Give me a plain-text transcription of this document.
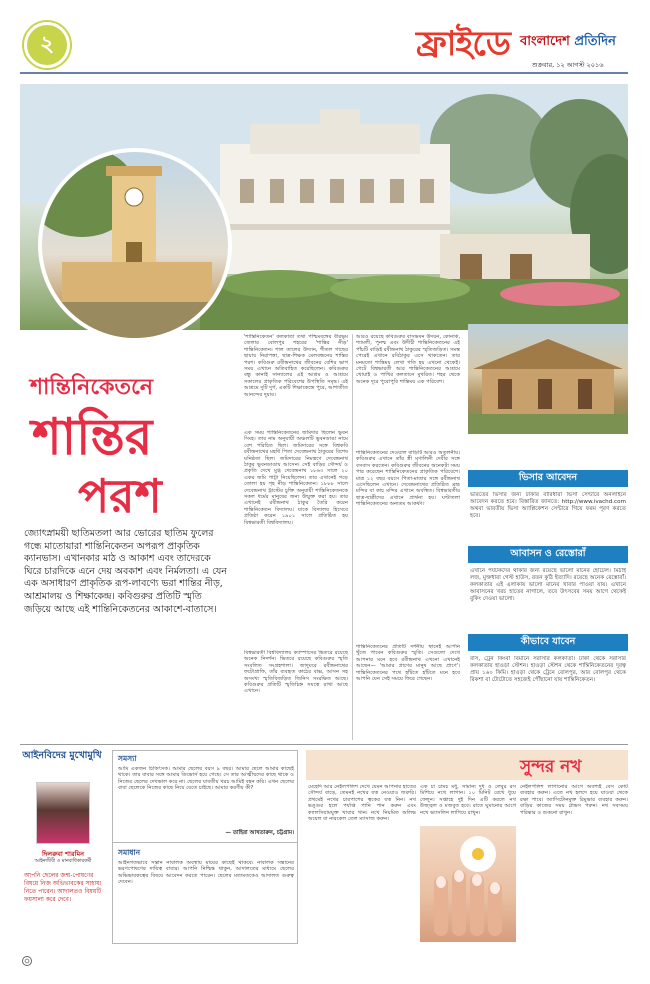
২	ফ্রাইডে বাংলাদেশ প্রতিদিন
শুক্রবার, ১২ আগস্ট ২০১৬
শান্তিনিকেতনে
শান্তির
পরশ
জ্যোৎস্নাময়ী ছাতিমতলা আর ভোরের ছাতিম ফুলের গন্ধে মাতোয়ারা শান্তিনিকেতন অপরূপ প্রাকৃতিক ক্যানভাস। এখানকার মাঠ ও আকাশ এবং তাদেরকে ঘিরে চারদিকে এনে দেয় অবকাশ এবং নির্মলতা। এ যেন এক অসাধারণ প্রাকৃতিক রূপ-লাবণ্যে ভরা শান্তির নীড়, আশ্রমালয় ও শিক্ষাকেন্দ্র। কবিগুরুর প্রতিটি স্মৃতি জড়িয়ে আছে এই শান্তিনিকেতনের আকাশে-বাতাসে।
'শান্তিনিকেতন' কলকাতা তথা পশ্চিমবঙ্গের বীরভূম জেলার বোলপুর শহরের 'শান্তির নীড়' শান্তিনিকেতন। শাল তালের উদ্যান, শীতল গাছের ছায়ায় নিরাপত্তা, ছাত্র-শিক্ষক মেলবন্ধনের শান্তির পরশ। কবিগুরু রবীন্দ্রনাথের জীবনের বেশির ভাগ সময় এখানে অতিবাহিত করেছিলেন। কবিগুরুর বন্ধু কানাই সান্যালের এই আশ্রম ও আশ্রমে সকালের প্রাকৃতিক পরিবেশের উপস্থিতি সমৃদ্ধ। এই আশ্রমে দুটি দুর্গ, একটি শিক্ষাকেন্দ্রে পুরে, আশাতীত আনন্দের দুয়ার।
এক সময় শান্তিনিকেতনের জমিদার ছিলেন ভুবন সিংহ। তার নাম অনুযায়ী অঞ্চলটি ভুবনডাঙা নামে বেশ পরিচিত ছিল। জমিদারের সঙ্গে বিশ্বকবি রবীন্দ্রনাথের মহর্ষি পিতা দেবেন্দ্রনাথ ঠাকুরের বিশেষ ঘনিষ্ঠতা ছিল। জমিদারের নিমন্ত্রণে দেবেন্দ্রনাথ ঠাকুর ভুবনডাঙায় আসেন। সেই বাড়ির সৌন্দর্য ও প্রকৃতি দেখে মুগ্ধ দেবেন্দ্রনাথ ১৮৬৩ সালে ২০ একর জমি পাট্টা নিয়েছিলেন। তার এখানেই গড়ে তোলা হয় গৃহ নীড় শান্তিনিকেতন। ১৮৮৮ সালে দেবেন্দ্রনাথ ট্রাস্টের চুক্তি অনুযায়ী শান্তিনিকেতনকে সকল ধর্মের মানুষের জন্য উন্মুক্ত করা হয়। তার এখানেই রবীন্দ্রনাথ ঠাকুর তৈরি করেন শান্তিনিকেতন বিদ্যালয়। যাকে বিদ্যালয় হিসেবে প্রতিষ্ঠা করেন ১৯০১ সালে প্রতিষ্ঠিত হয় বিশ্বভারতী বিশ্ববিদ্যালয়।
বিশ্বভারতী বিশ্ববিদ্যালয় ক্যাম্পাসের ভিতরে রয়েছে অনেক নিদর্শন। ভিতরে রয়েছে কবিগুরুর স্মৃতি সংবলিত সংগ্রহশালা। জাদুঘরে রবীন্দ্রনাথের ফটোগ্রাফি, তাঁর ব্যবহৃত কাঠের বাক্স, আসন সহ অসংখ্য স্মৃতিবিজড়িত জিনিস সংরক্ষিত আছে। কবিগুরুর প্রতিটি স্মৃতিচিহ্ন সযত্নে রাখা আছে এখানে।
আরও রয়েছে কবিগুরুর বাসভবন উদয়ন, কোনার্ক, শ্যামলী, পুনশ্চ এবং উদীচী শান্তিনিকেতনের এই পাঁচটি বাড়িই রবীন্দ্রনাথ ঠাকুরের স্মৃতিজড়িত। সমস্ত পেরেই এখানে রবিঠাকুর এসে থাকতেন। তার মনমতো শান্তিময় লেখা গতি হয় এখনো থেকেই। গেটে বিশ্বভারতী আর শান্তিনিকেতনের আশ্রমে খোয়াই ও পাখির কলতানে মুখরিত। শহর থেকে অনেক দূরে পুরোপুরি শান্তিময় এক পরিবেশ।
শান্তিনিকেতনের দেওয়াল বাড়িটি আরও অতুলনীয়। কবিগুরুর এখানে তাঁর স্ত্রী মৃণালিনী দেবীর সঙ্গে বসবাস করতেন। কবিগুরুর জীবনের অনেকটা সময় পার করেছেন শান্তিনিকেতনের প্রাকৃতিক পরিবেশে। মাত্র ১২ বছর বয়সে পিতা-মাতার সঙ্গে রবীন্দ্রনাথ এসেছিলেন এখানে। দেবেন্দ্রনাথের প্রতিষ্ঠিত ব্রহ্ম মন্দির বা কাচ মন্দির এখানে অবস্থিত। বিশ্বভারতীর ছাত্র-ছাত্রীদের এখানে প্রার্থনা হয়। ঘণ্টাতলা শান্তিনিকেতনের অন্যতম আকর্ষণ।
শান্তিনিকেতনের প্রতিটি দর্শনীয় স্থানেই আপনি খুঁজে পাবেন কবিগুরুর স্মৃতি। সেগুলো দেখে আপনার মনে হবে রবীন্দ্রনাথ এখনো এখানেই আছেন— 'আমার প্রাণের মানুষ আছে প্রাণে'। শান্তিনিকেতনের পথে হাঁটতে হাঁটতে মনে হবে আপনি যেন সেই সময়ে ফিরে গেছেন।
ভিসার আবেদন
ভারতের ভিসার জন্য ঢাকার বারিধারা ভিসা সেন্টারে অনলাইনে আবেদন করতে হবে। বিস্তারিত জানতে: http://www.ivachd.com অথবা ভারতীয় ভিসা অ্যাপ্লিকেশন সেন্টারে গিয়ে ফরম পূরণ করতে হবে।
আবাসন ও রেস্তোরাঁ
এখানে পর্যটকদের থাকার জন্য রয়েছে ভালো মানের হোটেল। মিঠাই লজ, মুক্তধারা গেস্ট হাউস, রতন কুঠি ইত্যাদি। রয়েছে অনেক রেস্তোরাঁ। কলকাতার এই এলাকায় ভালো মানের খাবার পাওয়া যায়। এখানে আবাসনের খরচ হাতের নাগালে, তবে উৎসবের সময় আগে থেকেই বুকিং দেওয়া ভালো।
কীভাবে যাবেন
বাস, ট্রেন কিংবা বিমানে সরাসরি কলকাতা। ঢাকা থেকে সরাসরি কলকাতার হাওড়া স্টেশন। হাওড়া স্টেশন থেকে শান্তিনিকেতনের দূরত্ব প্রায় ১৬০ কিমি। হাওড়া থেকে ট্রেনে বোলপুর, আর বোলপুর থেকে রিকশা বা টোটোতে সহজেই পৌঁছানো যায় শান্তিনিকেতন।
আইনবিদের মুখোমুখি
দিলরুবা শারমিন
আইনজীবী ও মানবাধিকারকর্মী
আপনি ছেলের জন্ম-পোষণের বিষয়ে নিজ অভিভাবকের সাহায্য নিতে পারেন। আদালতও বিষয়টি ফয়সালা করে দেবে।
সমস্যা
আমি একজন চিকিৎসক। আমার ছেলের বয়স ৯ বছর। আমার ছেলে আমার কাছেই থাকে। তার বাবার সঙ্গে আমার ডিভোর্স হয়ে গেছে। সে তার আত্মীয়দের কাছে থাকে ও নিজের ছেলের দেখভাল করে না। ছেলের যাবতীয় খরচ আমিই বহন করি। এখন ছেলের বাবা ছেলেকে নিজের কাছে নিয়ে যেতে চাইছে। আমার করণীয় কী?
— তাহিরা আখতারুন, চট্টগ্রাম।
সমাধান
আইনগতভাবে সন্তান নাবালক অবস্থায় মায়ের কাছেই থাকবে। নাবালক সন্তানের ভরণপোষণের দায়িত্ব বাবার। আপনি নিশ্চিন্ত থাকুন, আদালতের মাধ্যমে ছেলের অভিভাবকত্বের বিষয়ে আবেদন করতে পারেন। ছেলের মতামতকেও আদালত গুরুত্ব দেবেন।
সুন্দর নখ
মেহেদি আর নেইলপলিশ দেখে যেমন আপনার হাতের সৌন্দর্য বাড়ে, তেমনই নখের যত্ন নেওয়াও জরুরি। প্রথমেই নখের চারপাশের ত্বকের যত্ন নিন। নখ ভঙ্গুর হলে পর্যাপ্ত পানি পান করুন এবং ক্যালসিয়ামযুক্ত খাবার খান। নখে নিয়মিত অলিভ অয়েল বা নারকেল তেল ম্যাসাজ করুন।
এক চা চামচ মধু, সামান্য দুধ ও লেবুর রস মিশিয়ে নখে লাগান। ১০ মিনিট রেখে ধুয়ে ফেলুন। সপ্তাহে দুই দিন এটি করলে নখ উজ্জ্বল ও মজবুত হবে। রাতে ঘুমানোর আগে নখে ভ্যাসলিন লাগিয়ে রাখুন।
নেইলপলিশ লাগানোর আগে অবশ্যই বেস কোট ব্যবহার করুন। এতে নখ হলদে হয়ে যাওয়া থেকে রক্ষা পাবে। অ্যাসিটোনমুক্ত রিমুভার ব্যবহার করুন। বাড়ির কাজের সময় গ্লাভস পরুন। নখ সবসময় পরিষ্কার ও শুকনো রাখুন।
